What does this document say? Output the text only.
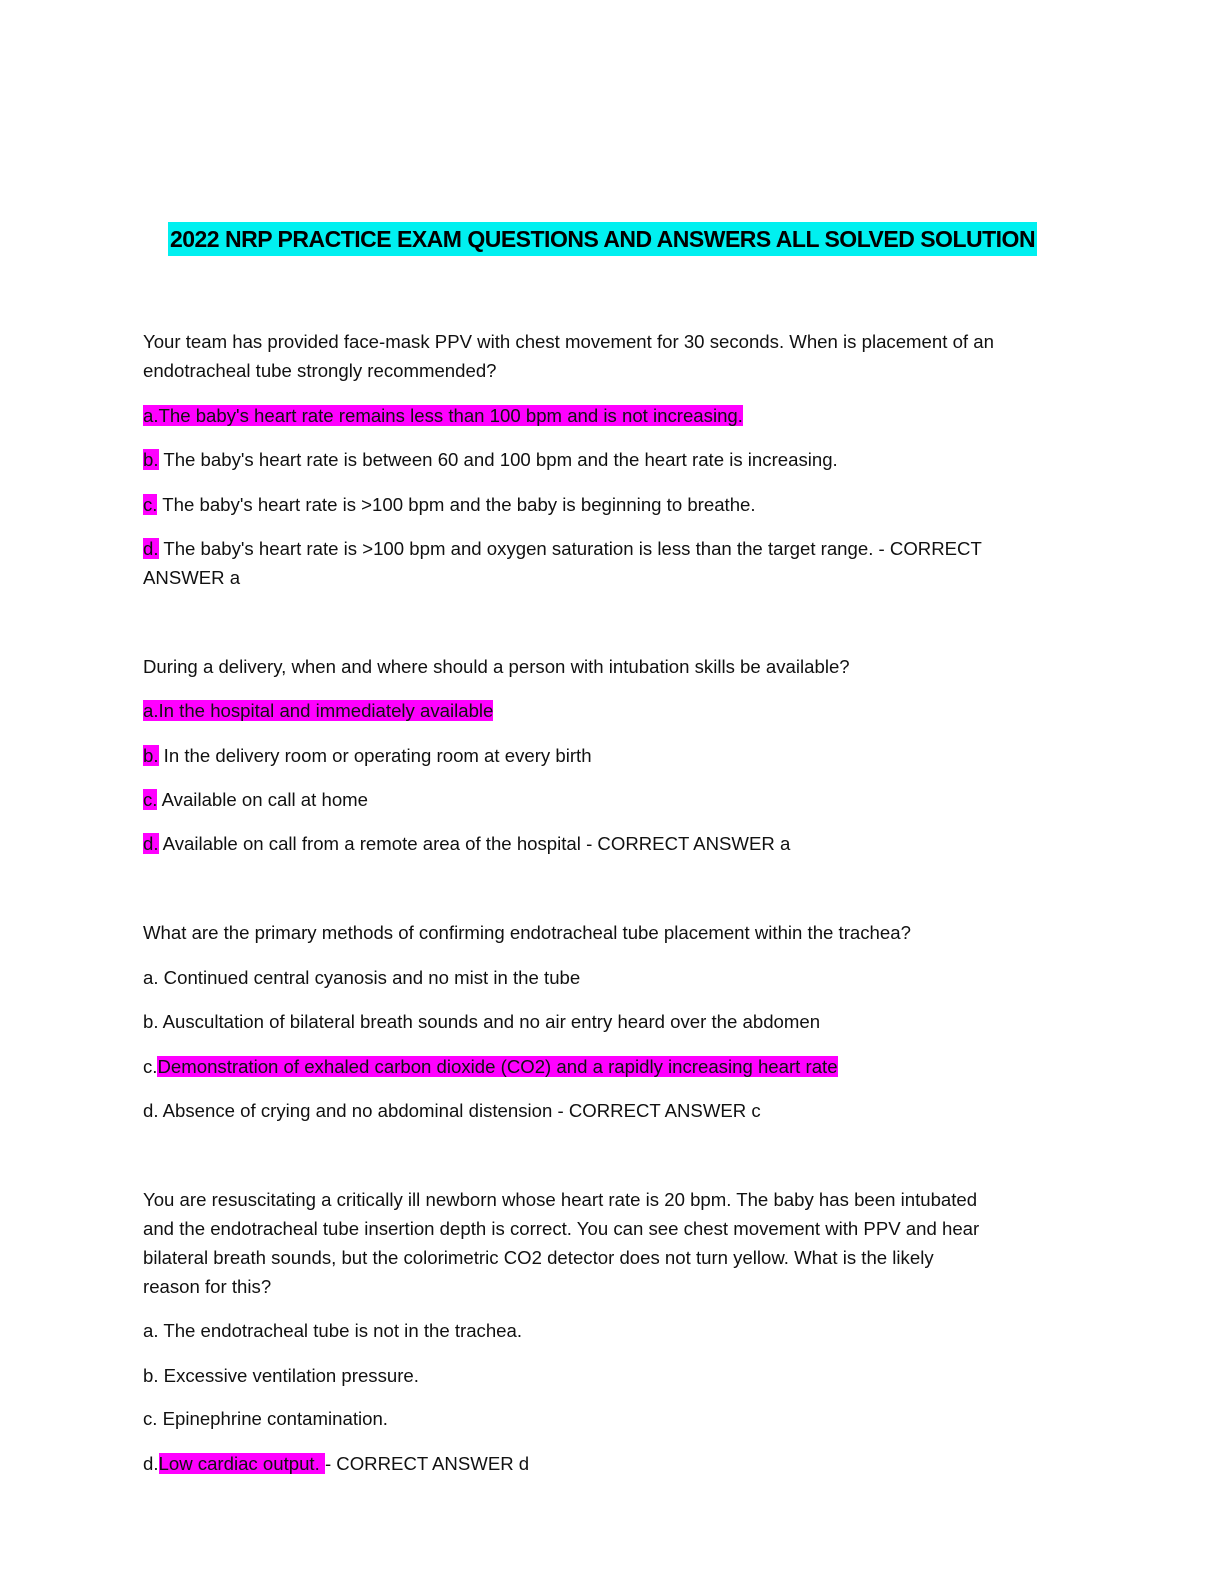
2022 NRP PRACTICE EXAM QUESTIONS AND ANSWERS ALL SOLVED SOLUTION
Your team has provided face-mask PPV with chest movement for 30 seconds. When is placement of an
endotracheal tube strongly recommended?
a.The baby's heart rate remains less than 100 bpm and is not increasing.
b. The baby's heart rate is between 60 and 100 bpm and the heart rate is increasing.
c. The baby's heart rate is >100 bpm and the baby is beginning to breathe.
d. The baby's heart rate is >100 bpm and oxygen saturation is less than the target range. - CORRECT
ANSWER a
During a delivery, when and where should a person with intubation skills be available?
a.In the hospital and immediately available
b. In the delivery room or operating room at every birth
c. Available on call at home
d. Available on call from a remote area of the hospital - CORRECT ANSWER a
What are the primary methods of confirming endotracheal tube placement within the trachea?
a. Continued central cyanosis and no mist in the tube
b. Auscultation of bilateral breath sounds and no air entry heard over the abdomen
c.Demonstration of exhaled carbon dioxide (CO2) and a rapidly increasing heart rate
d. Absence of crying and no abdominal distension - CORRECT ANSWER c
You are resuscitating a critically ill newborn whose heart rate is 20 bpm. The baby has been intubated
and the endotracheal tube insertion depth is correct. You can see chest movement with PPV and hear
bilateral breath sounds, but the colorimetric CO2 detector does not turn yellow. What is the likely
reason for this?
a. The endotracheal tube is not in the trachea.
b. Excessive ventilation pressure.
c. Epinephrine contamination.
d.Low cardiac output. - CORRECT ANSWER d
